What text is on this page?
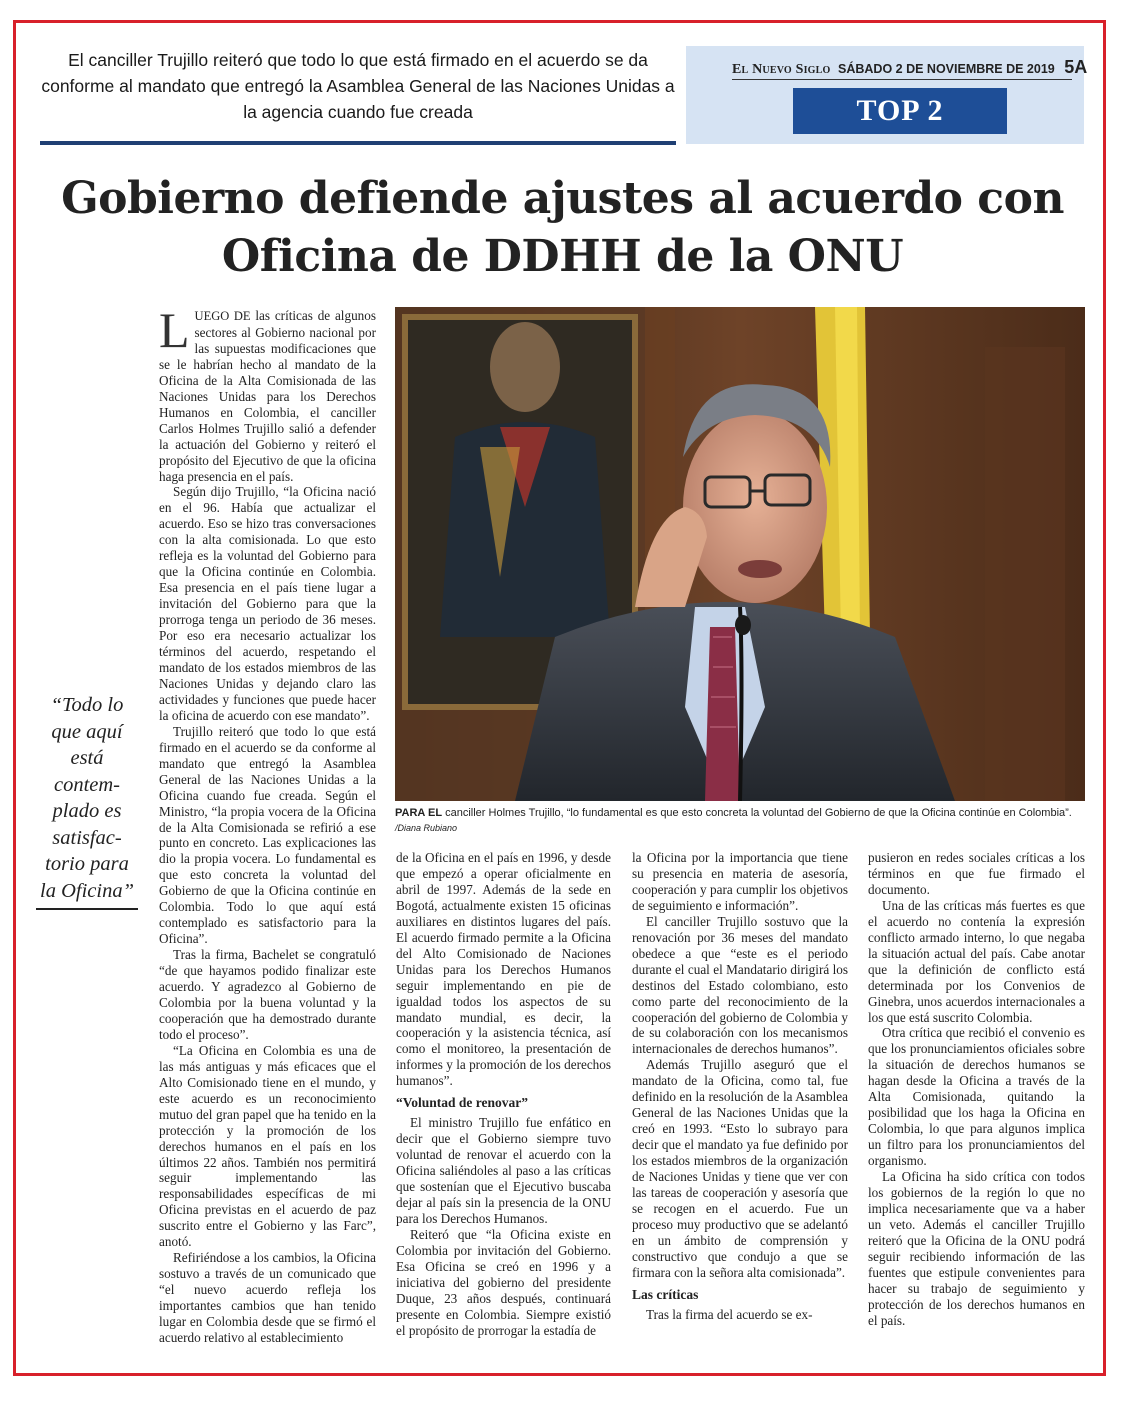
El canciller Trujillo reiteró que todo lo que está firmado en el acuerdo se da conforme al mandato que entregó la Asamblea General de las Naciones Unidas a la agencia cuando fue creada
El Nuevo Siglo SÁBADO 2 DE NOVIEMBRE DE 2019 5A
TOP 2
Gobierno defiende ajustes al acuerdo con Oficina de DDHH de la ONU

LUEGO DE las críticas de algunos sectores al Gobierno nacional por las supuestas modificaciones que se le habrían hecho al mandato de la Oficina de la Alta Comisionada de las Naciones Unidas para los Derechos Humanos en Colombia, el canciller Carlos Holmes Trujillo salió a defender la actuación del Gobierno y reiteró el propósito del Ejecutivo de que la oficina haga presencia en el país.

Según dijo Trujillo, “la Oficina nació en el 96. Había que actualizar el acuerdo. Eso se hizo tras conversaciones con la alta comisionada. Lo que esto refleja es la voluntad del Gobierno para que la Oficina continúe en Colombia. Esa presencia en el país tiene lugar a invitación del Gobierno para que la prorroga tenga un periodo de 36 meses. Por eso era necesario actualizar los términos del acuerdo, respetando el mandato de los estados miembros de las Naciones Unidas y dejando claro las actividades y funciones que puede hacer la oficina de acuerdo con ese mandato”.

Trujillo reiteró que todo lo que está firmado en el acuerdo se da conforme al mandato que entregó la Asamblea General de las Naciones Unidas a la Oficina cuando fue creada. Según el Ministro, “la propia vocera de la Oficina de la Alta Comisionada se refirió a ese punto en concreto. Las explicaciones las dio la propia vocera. Lo fundamental es que esto concreta la voluntad del Gobierno de que la Oficina continúe en Colombia. Todo lo que aquí está contemplado es satisfactorio para la Oficina”.

Tras la firma, Bachelet se congratuló “de que hayamos podido finalizar este acuerdo. Y agradezco al Gobierno de Colombia por la buena voluntad y la cooperación que ha demostrado durante todo el proceso”.

“La Oficina en Colombia es una de las más antiguas y más eficaces que el Alto Comisionado tiene en el mundo, y este acuerdo es un reconocimiento mutuo del gran papel que ha tenido en la protección y la promoción de los derechos humanos en el país en los últimos 22 años. También nos permitirá seguir implementando las responsabilidades específicas de mi Oficina previstas en el acuerdo de paz suscrito entre el Gobierno y las Farc”, anotó.

Refiriéndose a los cambios, la Oficina sostuvo a través de un comunicado que “el nuevo acuerdo refleja los importantes cambios que han tenido lugar en Colombia desde que se firmó el acuerdo relativo al establecimiento

“Todo lo que aquí está contem- plado es satisfac- torio para la Oficina”
PARA EL canciller Holmes Trujillo, “lo fundamental es que esto concreta la voluntad del Gobierno de que la Oficina continúe en Colombia”. /Diana Rubiano

de la Oficina en el país en 1996, y desde que empezó a operar oficialmente en abril de 1997. Además de la sede en Bogotá, actualmente existen 15 oficinas auxiliares en distintos lugares del país. El acuerdo firmado permite a la Oficina del Alto Comisionado de Naciones Unidas para los Derechos Humanos seguir implementando en pie de igualdad todos los aspectos de su mandato mundial, es decir, la cooperación y la asistencia técnica, así como el monitoreo, la presentación de informes y la promoción de los derechos humanos”.

“Voluntad de renovar”

El ministro Trujillo fue enfático en decir que el Gobierno siempre tuvo voluntad de renovar el acuerdo con la Oficina saliéndoles al paso a las críticas que sostenían que el Ejecutivo buscaba dejar al país sin la presencia de la ONU para los Derechos Humanos.

Reiteró que “la Oficina existe en Colombia por invitación del Gobierno. Esa Oficina se creó en 1996 y a iniciativa del gobierno del presidente Duque, 23 años después, continuará presente en Colombia. Siempre existió el propósito de prorrogar la estadía de

la Oficina por la importancia que tiene su presencia en materia de asesoría, cooperación y para cumplir los objetivos de seguimiento e información”.

El canciller Trujillo sostuvo que la renovación por 36 meses del mandato obedece a que “este es el periodo durante el cual el Mandatario dirigirá los destinos del Estado colombiano, esto como parte del reconocimiento de la cooperación del gobierno de Colombia y de su colaboración con los mecanismos internacionales de derechos humanos”.

Además Trujillo aseguró que el mandato de la Oficina, como tal, fue definido en la resolución de la Asamblea General de las Naciones Unidas que la creó en 1993. “Esto lo subrayo para decir que el mandato ya fue definido por los estados miembros de la organización de Naciones Unidas y tiene que ver con las tareas de cooperación y asesoría que se recogen en el acuerdo. Fue un proceso muy productivo que se adelantó en un ámbito de comprensión y constructivo que condujo a que se firmara con la señora alta comisionada”.

Las críticas

Tras la firma del acuerdo se ex-

pusieron en redes sociales críticas a los términos en que fue firmado el documento.

Una de las críticas más fuertes es que el acuerdo no contenía la expresión conflicto armado interno, lo que negaba la situación actual del país. Cabe anotar que la definición de conflicto está determinada por los Convenios de Ginebra, unos acuerdos internacionales a los que está suscrito Colombia.

Otra crítica que recibió el convenio es que los pronunciamientos oficiales sobre la situación de derechos humanos se hagan desde la Oficina a través de la Alta Comisionada, quitando la posibilidad que los haga la Oficina en Colombia, lo que para algunos implica un filtro para los pronunciamientos del organismo.

La Oficina ha sido crítica con todos los gobiernos de la región lo que no implica necesariamente que va a haber un veto. Además el canciller Trujillo reiteró que la Oficina de la ONU podrá seguir recibiendo información de las fuentes que estipule convenientes para hacer su trabajo de seguimiento y protección de los derechos humanos en el país.
